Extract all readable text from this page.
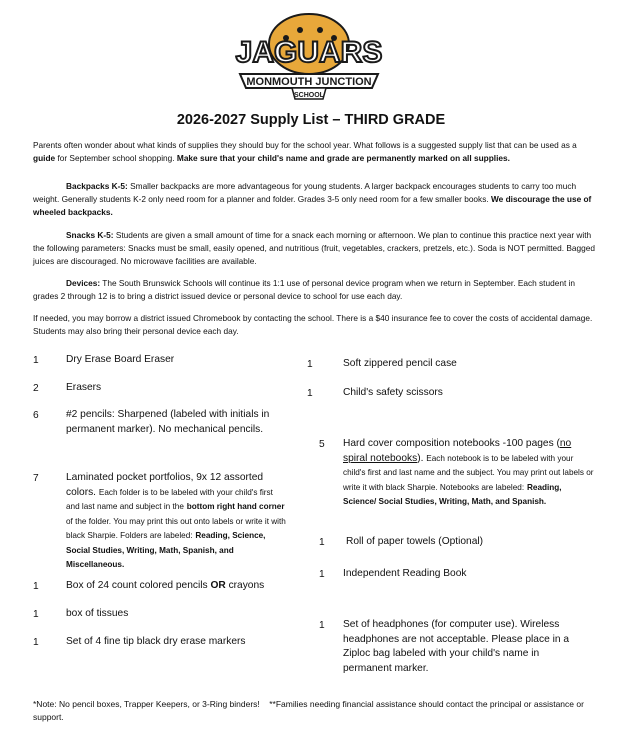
JAGUARS
MONMOUTH JUNCTION
SCHOOL
2026-2027 Supply List – THIRD GRADE

Parents often wonder about what kinds of supplies they should buy for the school year. What follows is a suggested supply list that can be used as a guide for September school shopping. Make sure that your child's name and grade are permanently marked on all supplies.

Backpacks K-5: Smaller backpacks are more advantageous for young students. A larger backpack encourages students to carry too much weight. Generally students K-2 only need room for a planner and folder. Grades 3-5 only need room for a few smaller books. We discourage the use of wheeled backpacks.

Snacks K-5: Students are given a small amount of time for a snack each morning or afternoon. We plan to continue this practice next year with the following parameters: Snacks must be small, easily opened, and nutritious (fruit, vegetables, crackers, pretzels, etc.). Soda is NOT permitted. Bagged juices are discouraged. No microwave facilities are available.

Devices: The South Brunswick Schools will continue its 1:1 use of personal device program when we return in September. Each student in grades 2 through 12 is to bring a district issued device or personal device to school for use each day.

If needed, you may borrow a district issued Chromebook by contacting the school. There is a $40 insurance fee to cover the costs of accidental damage. Students may also bring their personal device each day.

1	Dry Erase Board Eraser
2	Erasers
6	#2 pencils: Sharpened (labeled with initials in permanent marker). No mechanical pencils.
7	Laminated pocket portfolios, 9x 12 assorted colors. Each folder is to be labeled with your child's first and last name and subject in the bottom right hand corner of the folder. You may print this out onto labels or write it with black Sharpie. Folders are labeled: Reading, Science, Social Studies, Writing, Math, Spanish, and Miscellaneous.
1	Box of 24 count colored pencils OR crayons
1	box of tissues
1	Set of 4 fine tip black dry erase markers
1	Soft zippered pencil case
1	Child's safety scissors
5 Hard cover composition notebooks -100 pages (no spiral notebooks). Each notebook is to be labeled with your child's first and last name and the subject. You may print out labels or write it with black Sharpie. Notebooks are labeled: Reading, Science/ Social Studies, Writing, Math, and Spanish.
1 Roll of paper towels (Optional)
1 Independent Reading Book
1 Set of headphones (for computer use). Wireless headphones are not acceptable. Please place in a Ziploc bag labeled with your child's name in permanent marker.
*Note: No pencil boxes, Trapper Keepers, or 3-Ring binders! **Families needing financial assistance should contact the principal or assistance or support.
